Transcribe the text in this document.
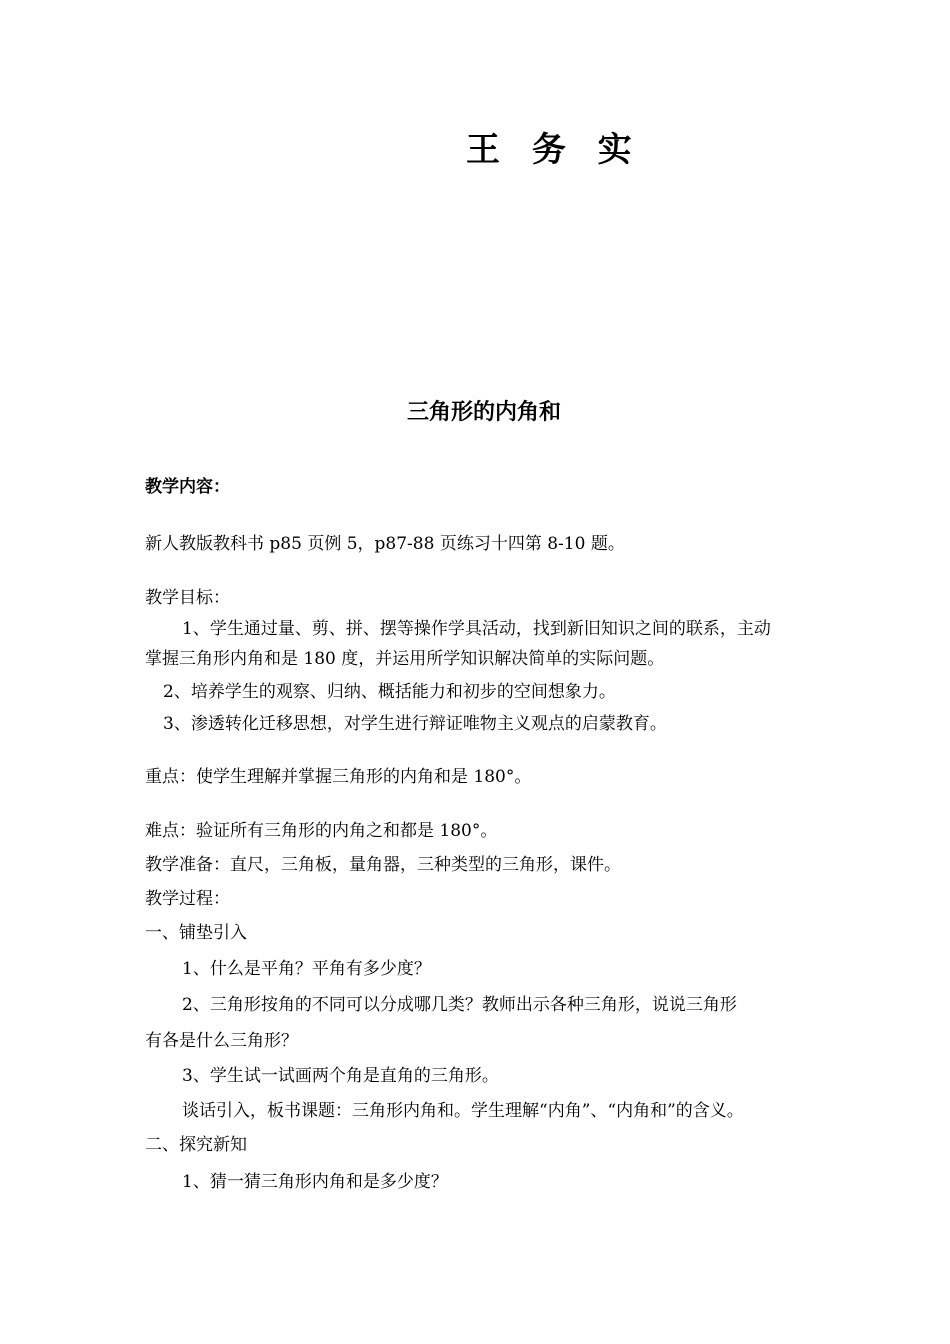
王 务 实
三角形的内角和
教学内容：
新人教版教科书 p85 页例 5，p87-88 页练习十四第 8-10 题。
教学目标：
1、学生通过量、剪、拼、摆等操作学具活动，找到新旧知识之间的联系，主动
掌握三角形内角和是 180 度，并运用所学知识解决简单的实际问题。
2、培养学生的观察、归纳、概括能力和初步的空间想象力。
3、渗透转化迁移思想，对学生进行辩证唯物主义观点的启蒙教育。
重点：使学生理解并掌握三角形的内角和是 180°。
难点：验证所有三角形的内角之和都是 180°。
教学准备：直尺，三角板，量角器，三种类型的三角形，课件。
教学过程：
一、铺垫引入
1、什么是平角？平角有多少度？
2、三角形按角的不同可以分成哪几类？教师出示各种三角形，说说三角形
有各是什么三角形？
3、学生试一试画两个角是直角的三角形。
谈话引入，板书课题：三角形内角和。学生理解“内角”、“内角和”的含义。
二、探究新知
1、猜一猜三角形内角和是多少度？
